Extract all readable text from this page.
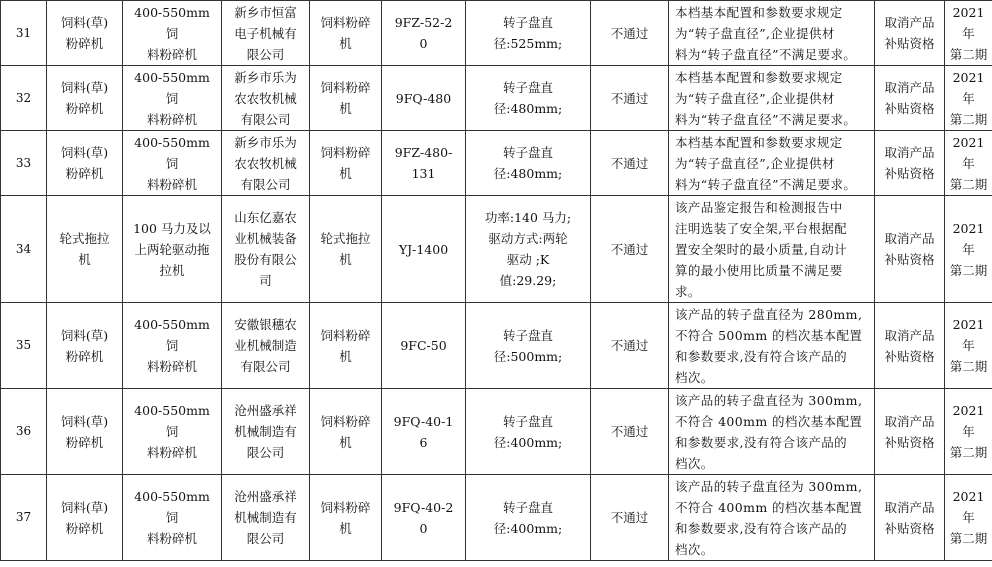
31	饲料(草)
粉碎机	400-550mm 饲
料粉碎机	新乡市恒富
电子机械有
限公司	饲料粉碎
机	9FZ-52-2
0	转子盘直
径:525mm;	不通过	本档基本配置和参数要求规定
为“转子盘直径”,企业提供材
料为“转子盘直径”不满足要求。	取消产品
补贴资格	2021 年
第二期
32	饲料(草)
粉碎机	400-550mm 饲
料粉碎机	新乡市乐为
农农牧机械
有限公司	饲料粉碎
机	9FQ-480	转子盘直
径:480mm;	不通过	本档基本配置和参数要求规定
为“转子盘直径”,企业提供材
料为“转子盘直径”不满足要求。	取消产品
补贴资格	2021 年
第二期
33	饲料(草)
粉碎机	400-550mm 饲
料粉碎机	新乡市乐为
农农牧机械
有限公司	饲料粉碎
机	9FZ-480-
131	转子盘直
径:480mm;	不通过	本档基本配置和参数要求规定
为“转子盘直径”,企业提供材
料为“转子盘直径”不满足要求。	取消产品
补贴资格	2021 年
第二期
34	轮式拖拉
机	100 马力及以
上两轮驱动拖
拉机	山东亿嘉农
业机械装备
股份有限公
司	轮式拖拉
机	YJ-1400	功率:140 马力;
驱动方式:两轮
驱动 ;K
值:29.29;	不通过	该产品鉴定报告和检测报告中
注明选装了安全架,平台根据配
置安全架时的最小质量,自动计
算的最小使用比质量不满足要
求。	取消产品
补贴资格	2021 年
第二期
35	饲料(草)
粉碎机	400-550mm 饲
料粉碎机	安徽银穗农
业机械制造
有限公司	饲料粉碎
机	9FC-50	转子盘直
径:500mm;	不通过	该产品的转子盘直径为 280mm,
不符合 500mm 的档次基本配置
和参数要求,没有符合该产品的
档次。	取消产品
补贴资格	2021 年
第二期
36	饲料(草)
粉碎机	400-550mm 饲
料粉碎机	沧州盛承祥
机械制造有
限公司	饲料粉碎
机	9FQ-40-1
6	转子盘直
径:400mm;	不通过	该产品的转子盘直径为 300mm,
不符合 400mm 的档次基本配置
和参数要求,没有符合该产品的
档次。	取消产品
补贴资格	2021 年
第二期
37	饲料(草)
粉碎机	400-550mm 饲
料粉碎机	沧州盛承祥
机械制造有
限公司	饲料粉碎
机	9FQ-40-2
0	转子盘直
径:400mm;	不通过	该产品的转子盘直径为 300mm,
不符合 400mm 的档次基本配置
和参数要求,没有符合该产品的
档次。	取消产品
补贴资格	2021 年
第二期
